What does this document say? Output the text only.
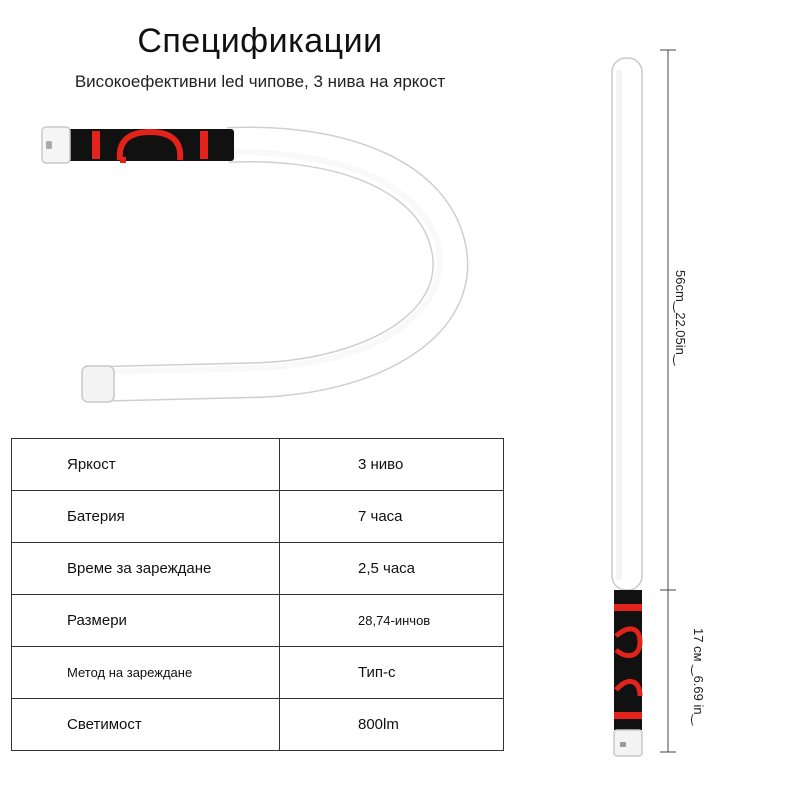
Спецификации
Високоефективни led чипове, 3 нива на яркост
Яркост	3 ниво
Батерия	7 часа
Време за зареждане	2,5 часа
Размери	28,74-инчов
Метод на зареждане	Тип-с
Светимост	800lm
56cm‿22.05in‿
17 см ‿6.69 in‿
